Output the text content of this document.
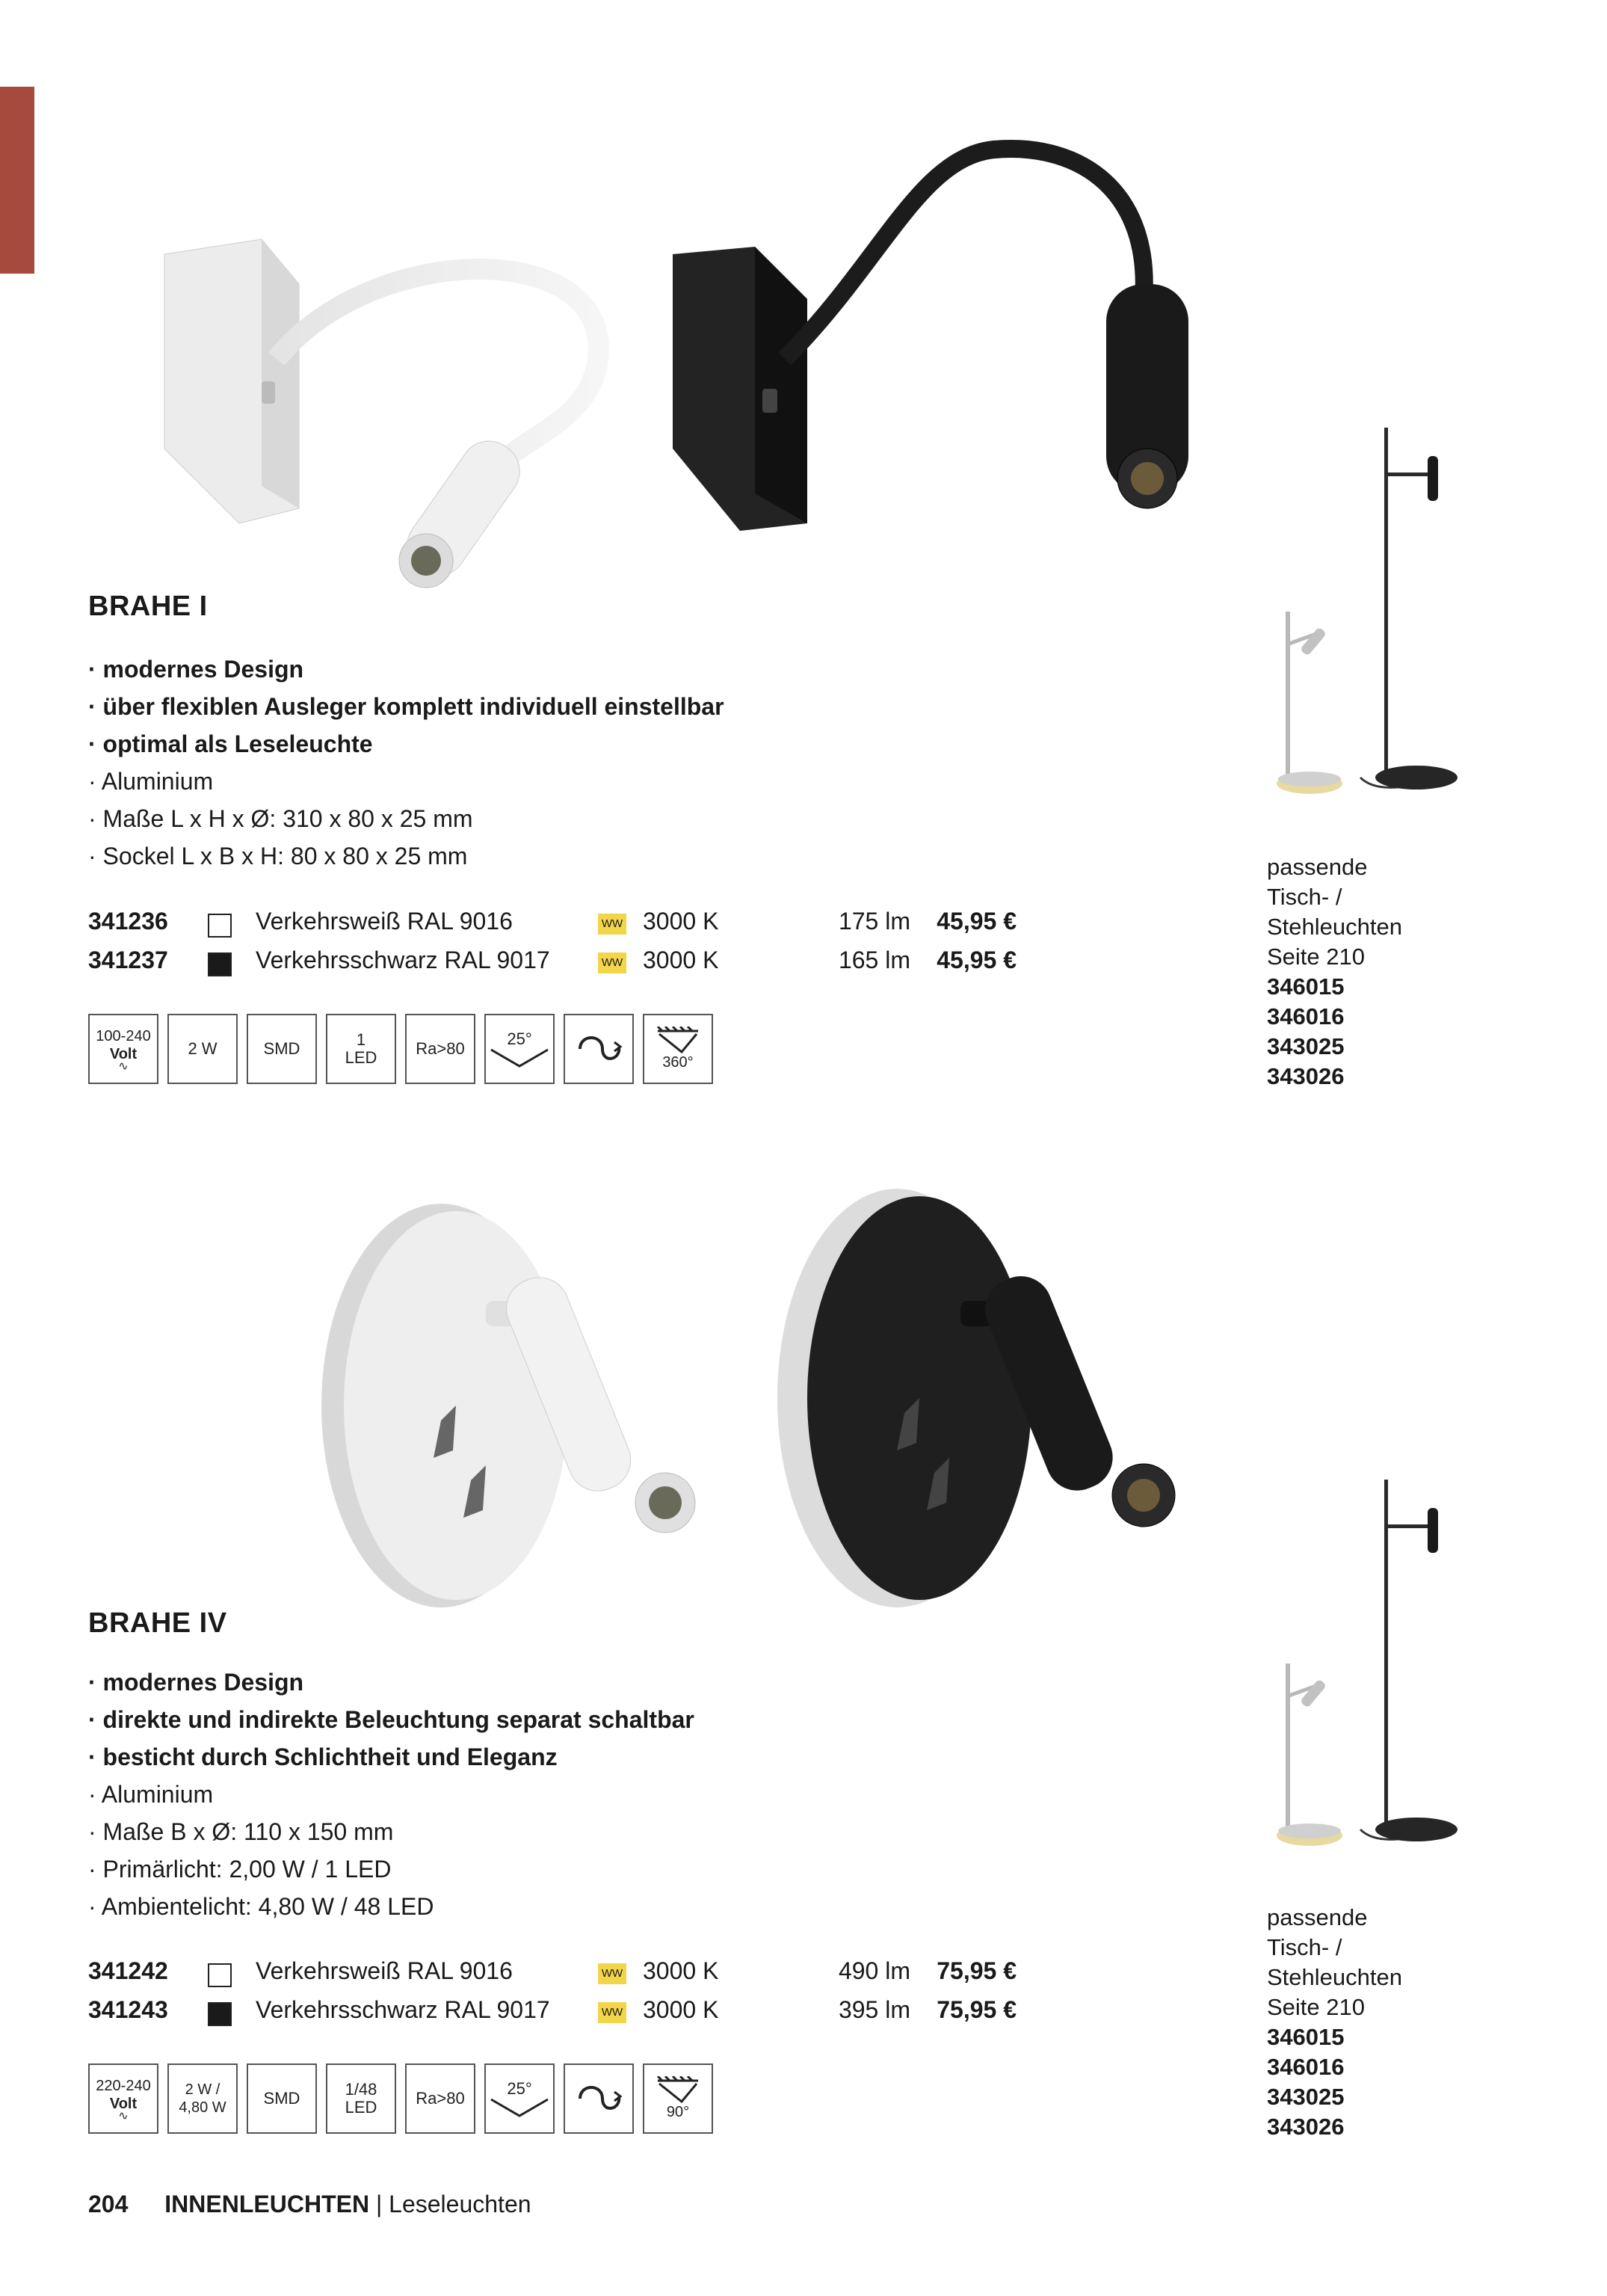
BRAHE I
· modernes Design
· über flexiblen Ausleger komplett individuell einstellbar
· optimal als Leseleuchte
· Aluminium
· Maße L x H x Ø: 310 x 80 x 25 mm
· Sockel L x B x H: 80 x 80 x 25 mm
341236	Verkehrsweiß RAL 9016	WW 3000 K	175 lm 45,95 €
341237	Verkehrsschwarz RAL 9017	WW 3000 K	165 lm 45,95 €
100-240
Volt
∿
2 W	SMD	1
LED	Ra>80
25°
360°
passende
Tisch- /
Stehleuchten
Seite 210
346015
346016
343025
343026
BRAHE IV
· modernes Design
· direkte und indirekte Beleuchtung separat schaltbar
· besticht durch Schlichtheit und Eleganz
· Aluminium
· Maße B x Ø: 110 x 150 mm
· Primärlicht: 2,00 W / 1 LED
· Ambientelicht: 4,80 W / 48 LED
341242	Verkehrsweiß RAL 9016	WW 3000 K	490 lm 75,95 €
341243	Verkehrsschwarz RAL 9017	WW 3000 K	395 lm 75,95 €
220-240
Volt
∿
2 W /
4,80 W	SMD	1/48
LED	Ra>80
25°
90°
passende
Tisch- /
Stehleuchten
Seite 210
346015
346016
343025
343026
204 INNENLEUCHTEN | Leseleuchten
